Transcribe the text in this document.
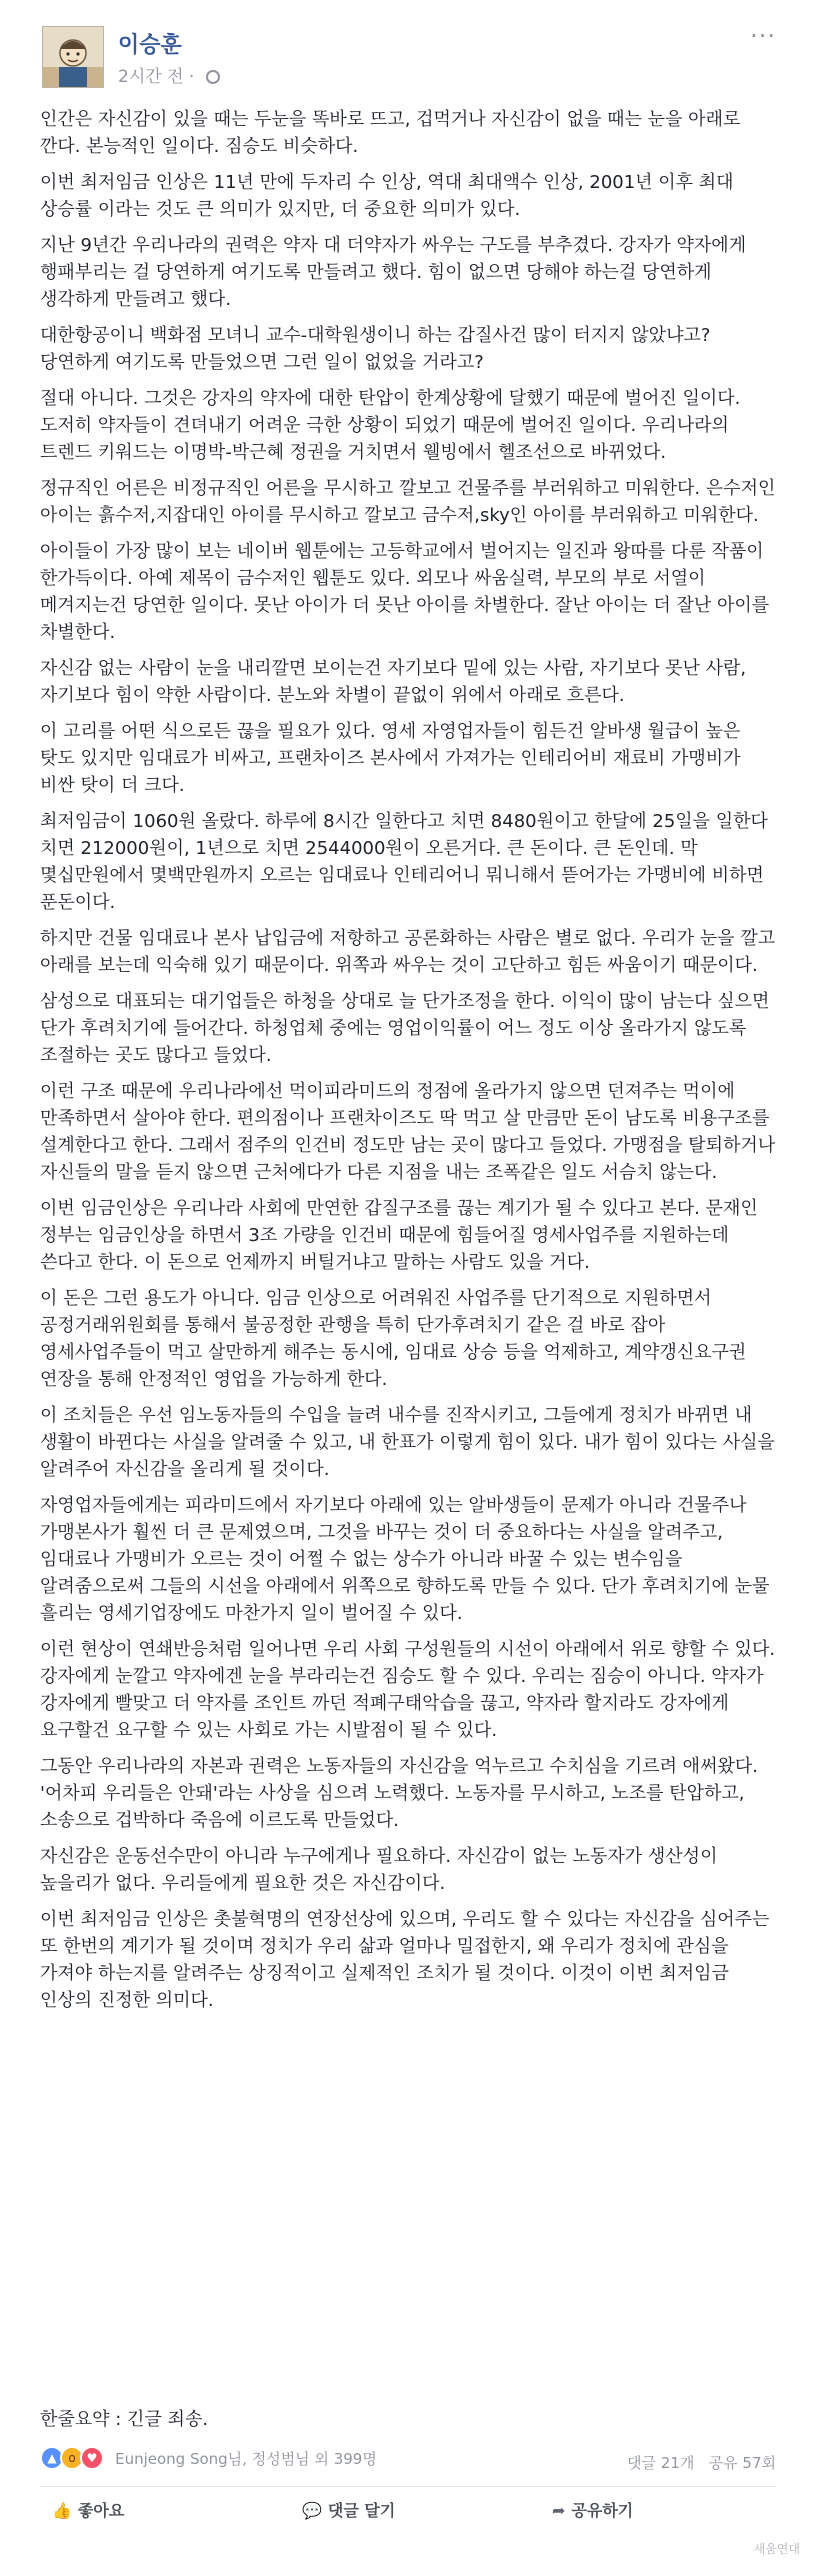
이승훈
2시간 전 ·
···

인간은 자신감이 있을 때는 두눈을 똑바로 뜨고, 겁먹거나 자신감이 없을 때는 눈을 아래로 깐다. 본능적인 일이다. 짐승도 비슷하다.

이번 최저임금 인상은 11년 만에 두자리 수 인상, 역대 최대액수 인상, 2001년 이후 최대 상승률 이라는 것도 큰 의미가 있지만, 더 중요한 의미가 있다.

지난 9년간 우리나라의 권력은 약자 대 더약자가 싸우는 구도를 부추겼다. 강자가 약자에게 행패부리는 걸 당연하게 여기도록 만들려고 했다. 힘이 없으면 당해야 하는걸 당연하게 생각하게 만들려고 했다.

대한항공이니 백화점 모녀니 교수-대학원생이니 하는 갑질사건 많이 터지지 않았냐고? 당연하게 여기도록 만들었으면 그런 일이 없었을 거라고?

절대 아니다. 그것은 강자의 약자에 대한 탄압이 한계상황에 달했기 때문에 벌어진 일이다. 도저히 약자들이 견뎌내기 어려운 극한 상황이 되었기 때문에 벌어진 일이다. 우리나라의 트렌드 키워드는 이명박-박근혜 정권을 거치면서 웰빙에서 헬조선으로 바뀌었다.

정규직인 어른은 비정규직인 어른을 무시하고 깔보고 건물주를 부러워하고 미워한다. 은수저인 아이는 흙수저,지잡대인 아이를 무시하고 깔보고 금수저,sky인 아이를 부러워하고 미워한다.

아이들이 가장 많이 보는 네이버 웹툰에는 고등학교에서 벌어지는 일진과 왕따를 다룬 작품이 한가득이다. 아예 제목이 금수저인 웹툰도 있다. 외모나 싸움실력, 부모의 부로 서열이 메겨지는건 당연한 일이다. 못난 아이가 더 못난 아이를 차별한다. 잘난 아이는 더 잘난 아이를 차별한다.

자신감 없는 사람이 눈을 내리깔면 보이는건 자기보다 밑에 있는 사람, 자기보다 못난 사람, 자기보다 힘이 약한 사람이다. 분노와 차별이 끝없이 위에서 아래로 흐른다.

이 고리를 어떤 식으로든 끊을 필요가 있다. 영세 자영업자들이 힘든건 알바생 월급이 높은 탓도 있지만 임대료가 비싸고, 프랜차이즈 본사에서 가져가는 인테리어비 재료비 가맹비가 비싼 탓이 더 크다.

최저임금이 1060원 올랐다. 하루에 8시간 일한다고 치면 8480원이고 한달에 25일을 일한다 치면 212000원이, 1년으로 치면 2544000원이 오른거다. 큰 돈이다. 큰 돈인데. 막 몇십만원에서 몇백만원까지 오르는 임대료나 인테리어니 뭐니해서 뜯어가는 가맹비에 비하면 푼돈이다.

하지만 건물 임대료나 본사 납입금에 저항하고 공론화하는 사람은 별로 없다. 우리가 눈을 깔고 아래를 보는데 익숙해 있기 때문이다. 위쪽과 싸우는 것이 고단하고 힘든 싸움이기 때문이다.

삼성으로 대표되는 대기업들은 하청을 상대로 늘 단가조정을 한다. 이익이 많이 남는다 싶으면 단가 후려치기에 들어간다. 하청업체 중에는 영업이익률이 어느 정도 이상 올라가지 않도록 조절하는 곳도 많다고 들었다.

이런 구조 때문에 우리나라에선 먹이피라미드의 정점에 올라가지 않으면 던져주는 먹이에 만족하면서 살아야 한다. 편의점이나 프랜차이즈도 딱 먹고 살 만큼만 돈이 남도록 비용구조를 설계한다고 한다. 그래서 점주의 인건비 정도만 남는 곳이 많다고 들었다. 가맹점을 탈퇴하거나 자신들의 말을 듣지 않으면 근처에다가 다른 지점을 내는 조폭같은 일도 서슴치 않는다.

이번 임금인상은 우리나라 사회에 만연한 갑질구조를 끊는 계기가 될 수 있다고 본다. 문재인 정부는 임금인상을 하면서 3조 가량을 인건비 때문에 힘들어질 영세사업주를 지원하는데 쓴다고 한다. 이 돈으로 언제까지 버틸거냐고 말하는 사람도 있을 거다.

이 돈은 그런 용도가 아니다. 임금 인상으로 어려워진 사업주를 단기적으로 지원하면서 공정거래위원회를 통해서 불공정한 관행을 특히 단가후려치기 같은 걸 바로 잡아 영세사업주들이 먹고 살만하게 해주는 동시에, 임대료 상승 등을 억제하고, 계약갱신요구권 연장을 통해 안정적인 영업을 가능하게 한다.

이 조치들은 우선 임노동자들의 수입을 늘려 내수를 진작시키고, 그들에게 정치가 바뀌면 내 생활이 바뀐다는 사실을 알려줄 수 있고, 내 한표가 이렇게 힘이 있다. 내가 힘이 있다는 사실을 알려주어 자신감을 올리게 될 것이다.

자영업자들에게는 피라미드에서 자기보다 아래에 있는 알바생들이 문제가 아니라 건물주나 가맹본사가 훨씬 더 큰 문제였으며, 그것을 바꾸는 것이 더 중요하다는 사실을 알려주고, 임대료나 가맹비가 오르는 것이 어쩔 수 없는 상수가 아니라 바꿀 수 있는 변수임을 알려줌으로써 그들의 시선을 아래에서 위쪽으로 향하도록 만들 수 있다. 단가 후려치기에 눈물 흘리는 영세기업장에도 마찬가지 일이 벌어질 수 있다.

이런 현상이 연쇄반응처럼 일어나면 우리 사회 구성원들의 시선이 아래에서 위로 향할 수 있다. 강자에게 눈깔고 약자에겐 눈을 부라리는건 짐승도 할 수 있다. 우리는 짐승이 아니다. 약자가 강자에게 빨맞고 더 약자를 조인트 까던 적폐구태악습을 끊고, 약자라 할지라도 강자에게 요구할건 요구할 수 있는 사회로 가는 시발점이 될 수 있다.

그동안 우리나라의 자본과 권력은 노동자들의 자신감을 억누르고 수치심을 기르려 애써왔다. '어차피 우리들은 안돼'라는 사상을 심으려 노력했다. 노동자를 무시하고, 노조를 탄압하고, 소송으로 겁박하다 죽음에 이르도록 만들었다.

자신감은 운동선수만이 아니라 누구에게나 필요하다. 자신감이 없는 노동자가 생산성이 높을리가 없다. 우리들에게 필요한 것은 자신감이다.

이번 최저임금 인상은 촛불혁명의 연장선상에 있으며, 우리도 할 수 있다는 자신감을 심어주는 또 한번의 계기가 될 것이며 정치가 우리 삶과 얼마나 밀접한지, 왜 우리가 정치에 관심을 가져야 하는지를 알려주는 상징적이고 실제적인 조치가 될 것이다. 이것이 이번 최저임금 인상의 진정한 의미다.

한줄요약 : 긴글 죄송.
▲ o ♥ Eunjeong Song님, 정성범님 외 399명	댓글 21개 공유 57회
👍 좋아요	💬 댓글 달기	➦ 공유하기
새움연대
